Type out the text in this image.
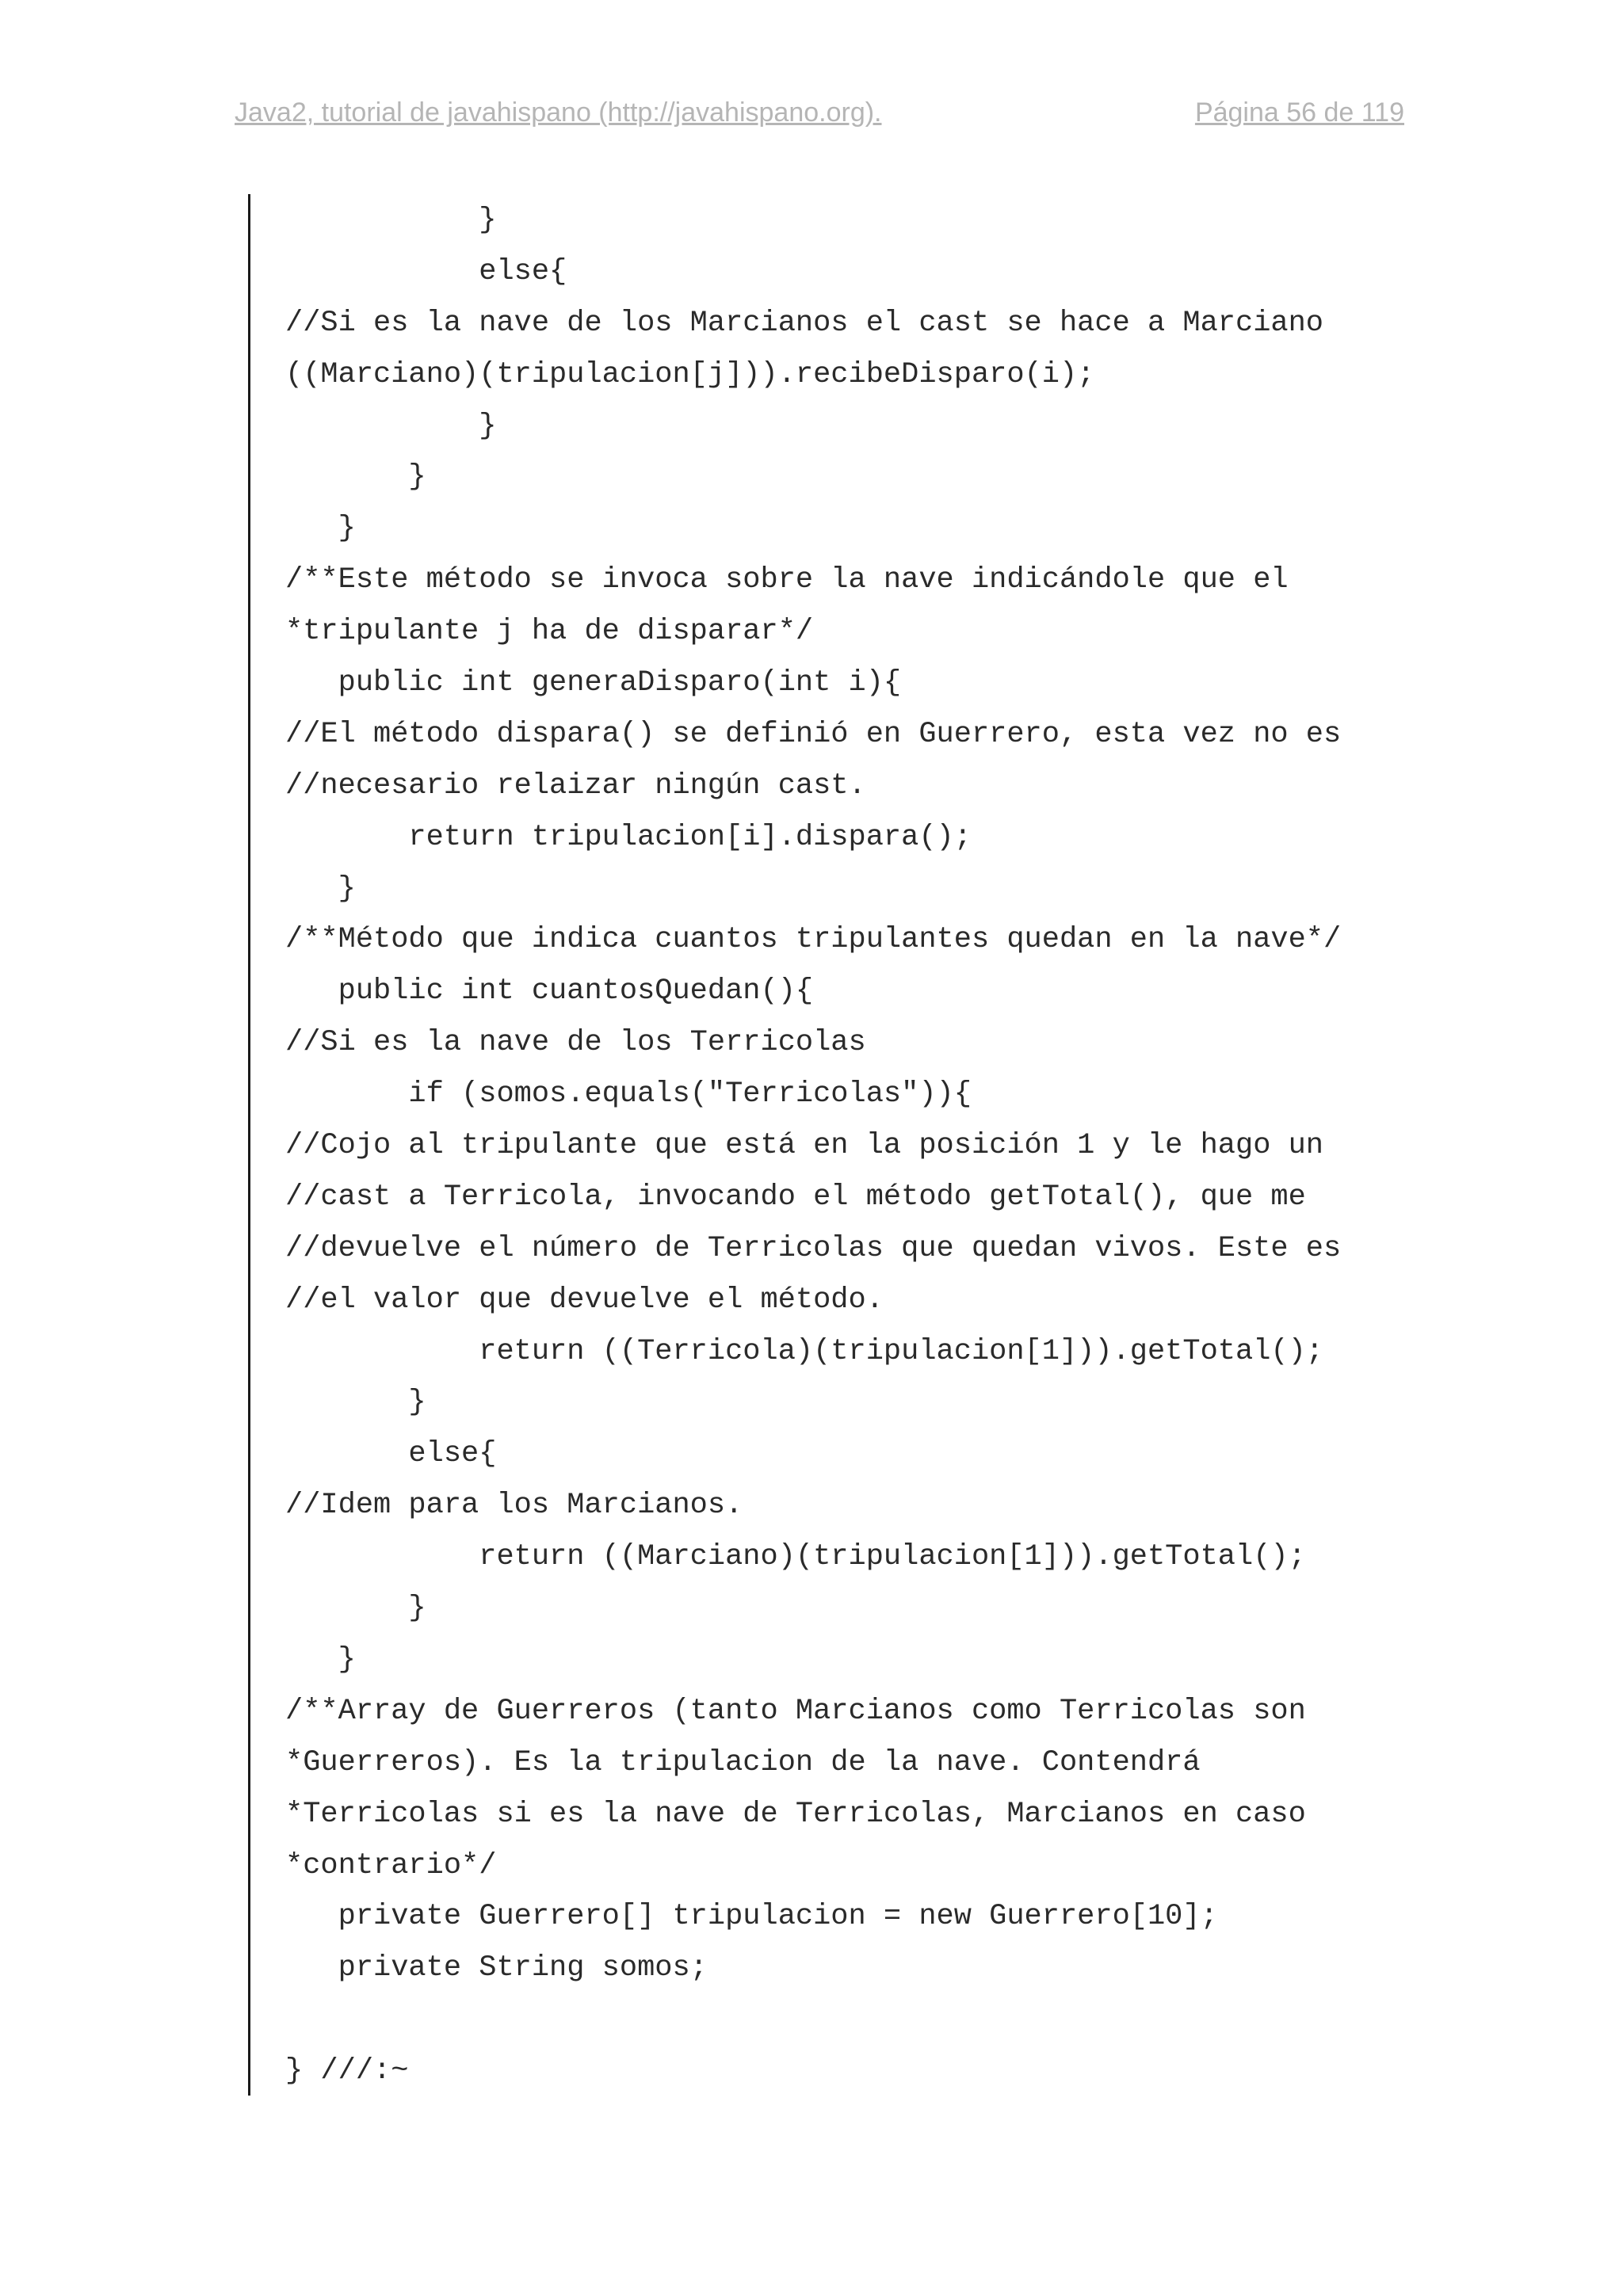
Java2, tutorial de javahispano (http://javahispano.org).	Página 56 de 119
}
else{
//Si es la nave de los Marcianos el cast se hace a Marciano
((Marciano)(tripulacion[j])).recibeDisparo(i);
}
}
}
/**Este método se invoca sobre la nave indicándole que el
*tripulante j ha de disparar*/
public int generaDisparo(int i){
//El método dispara() se definió en Guerrero, esta vez no es
//necesario relaizar ningún cast.
return tripulacion[i].dispara();
}
/**Método que indica cuantos tripulantes quedan en la nave*/
public int cuantosQuedan(){
//Si es la nave de los Terricolas
if (somos.equals("Terricolas")){
//Cojo al tripulante que está en la posición 1 y le hago un
//cast a Terricola, invocando el método getTotal(), que me
//devuelve el número de Terricolas que quedan vivos. Este es
//el valor que devuelve el método.
return ((Terricola)(tripulacion[1])).getTotal();
}
else{
//Idem para los Marcianos.
return ((Marciano)(tripulacion[1])).getTotal();
}
}
/**Array de Guerreros (tanto Marcianos como Terricolas son
*Guerreros). Es la tripulacion de la nave. Contendrá
*Terricolas si es la nave de Terricolas, Marcianos en caso
*contrario*/
private Guerrero[] tripulacion = new Guerrero[10];
private String somos;
} ///:~
